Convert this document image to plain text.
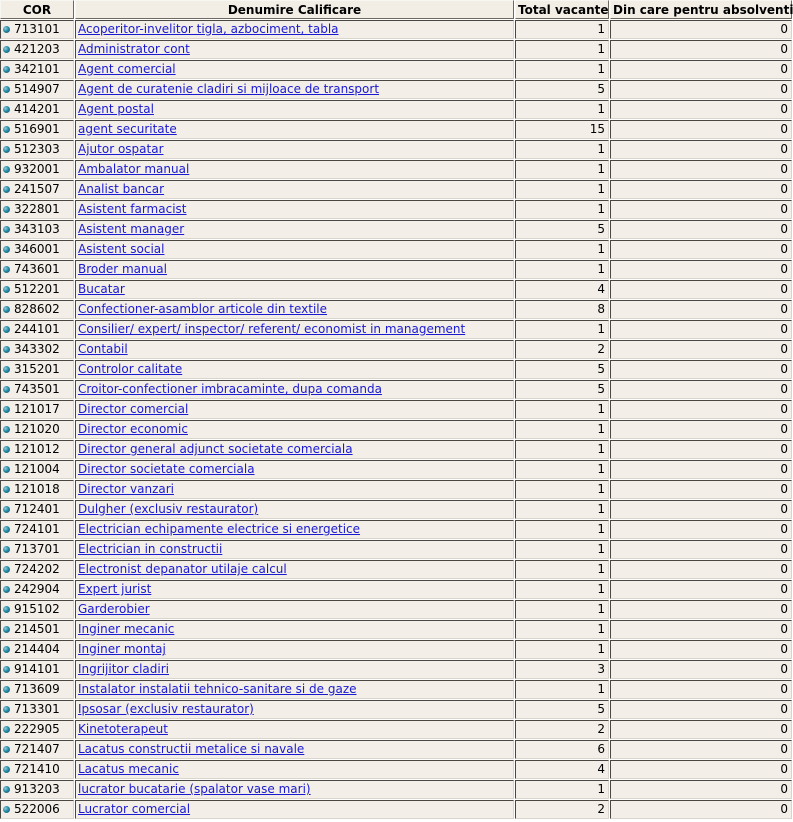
COR	Denumire Calificare	Total vacante	Din care pentru absolventi
713101	Acoperitor-invelitor tigla, azbociment, tabla	1	0
421203	Administrator cont	1	0
342101	Agent comercial	1	0
514907	Agent de curatenie cladiri si mijloace de transport	5	0
414201	Agent postal	1	0
516901	agent securitate	15	0
512303	Ajutor ospatar	1	0
932001	Ambalator manual	1	0
241507	Analist bancar	1	0
322801	Asistent farmacist	1	0
343103	Asistent manager	5	0
346001	Asistent social	1	0
743601	Broder manual	1	0
512201	Bucatar	4	0
828602	Confectioner-asamblor articole din textile	8	0
244101	Consilier/ expert/ inspector/ referent/ economist in management	1	0
343302	Contabil	2	0
315201	Controlor calitate	5	0
743501	Croitor-confectioner imbracaminte, dupa comanda	5	0
121017	Director comercial	1	0
121020	Director economic	1	0
121012	Director general adjunct societate comerciala	1	0
121004	Director societate comerciala	1	0
121018	Director vanzari	1	0
712401	Dulgher (exclusiv restaurator)	1	0
724101	Electrician echipamente electrice si energetice	1	0
713701	Electrician in constructii	1	0
724202	Electronist depanator utilaje calcul	1	0
242904	Expert jurist	1	0
915102	Garderobier	1	0
214501	Inginer mecanic	1	0
214404	Inginer montaj	1	0
914101	Ingrijitor cladiri	3	0
713609	Instalator instalatii tehnico-sanitare si de gaze	1	0
713301	Ipsosar (exclusiv restaurator)	5	0
222905	Kinetoterapeut	2	0
721407	Lacatus constructii metalice si navale	6	0
721410	Lacatus mecanic	4	0
913203	lucrator bucatarie (spalator vase mari)	1	0
522006	Lucrator comercial	2	0
